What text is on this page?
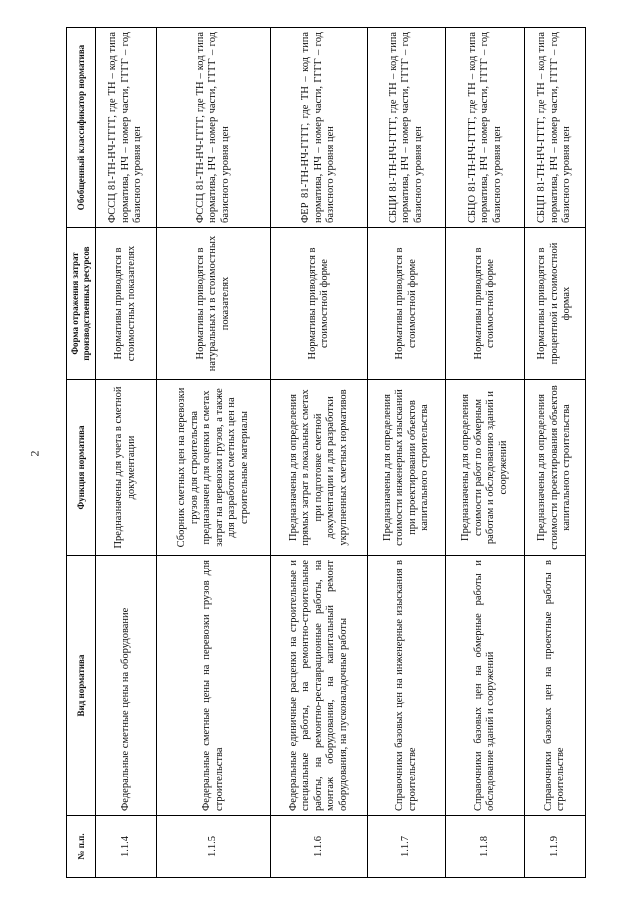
2
№ п.п.	Вид норматива	Функция норматива	Форма отражения затрат производственных ресурсов	Обобщенный классификатор норматива
1.1.4	Федеральные сметные цены на оборудование	Предназначены для учета в сметной документации	Нормативы приводятся в стоимостных показателях	ФССЦ 81-ТН-НЧ-ГГГГ, где ТН – код типа норматива, НЧ – номер части, ГГГГ – год базисного уровня цен
1.1.5	Федеральные сметные цены на перевозки грузов для строительства	Сборник сметных цен на перевозки грузов для строительства предназначен для оценки в сметах затрат на перевозки грузов, а также для разработки сметных цен на строительные материалы	Нормативы приводятся в натуральных и в стоимостных показателях	ФССЦ 81-ТН-НЧ-ГГГГ, где ТН – код типа норматива, НЧ – номер части, ГГГГ – год базисного уровня цен
1.1.6	Федеральные единичные расценки на строительные и специальные работы, на ремонтно-строительные работы, на ремонтно-реставрационные работы, на монтаж оборудования, на капитальный ремонт оборудования, на пусконаладочные работы	Предназначены для определения прямых затрат в локальных сметах при подготовке сметной документации и для разработки укрупненных сметных нормативов	Нормативы приводятся в стоимостной форме	ФЕР 81-ТН-НЧ-ГГГГ, где ТН – код типа норматива, НЧ – номер части, ГГГГ – год базисного уровня цен
1.1.7	Справочники базовых цен на инженерные изыскания в строительстве	Предназначены для определения стоимости инженерных изысканий при проектировании объектов капитального строительства	Нормативы приводятся в стоимостной форме	СБЦИ 81-ТН-НЧ-ГГГГ, где ТН – код типа норматива, НЧ – номер части, ГГГГ – год базисного уровня цен
1.1.8	Справочники базовых цен на обмерные работы и обследование зданий и сооружений	Предназначены для определения стоимости работ по обмерным работам и обследованию зданий и сооружений	Нормативы приводятся в стоимостной форме	СБЦО 81-ТН-НЧ-ГГГГ, где ТН – код типа норматива, НЧ – номер части, ГГГГ – год базисного уровня цен
1.1.9	Справочники базовых цен на проектные работы в строительстве	Предназначены для определения стоимости проектирования объектов капитального строительства	Нормативы приводятся в процентной и стоимостной формах	СБЦП 81-ТН-НЧ-ГГГГ, где ТН – код типа норматива, НЧ – номер части, ГГГГ – год базисного уровня цен
